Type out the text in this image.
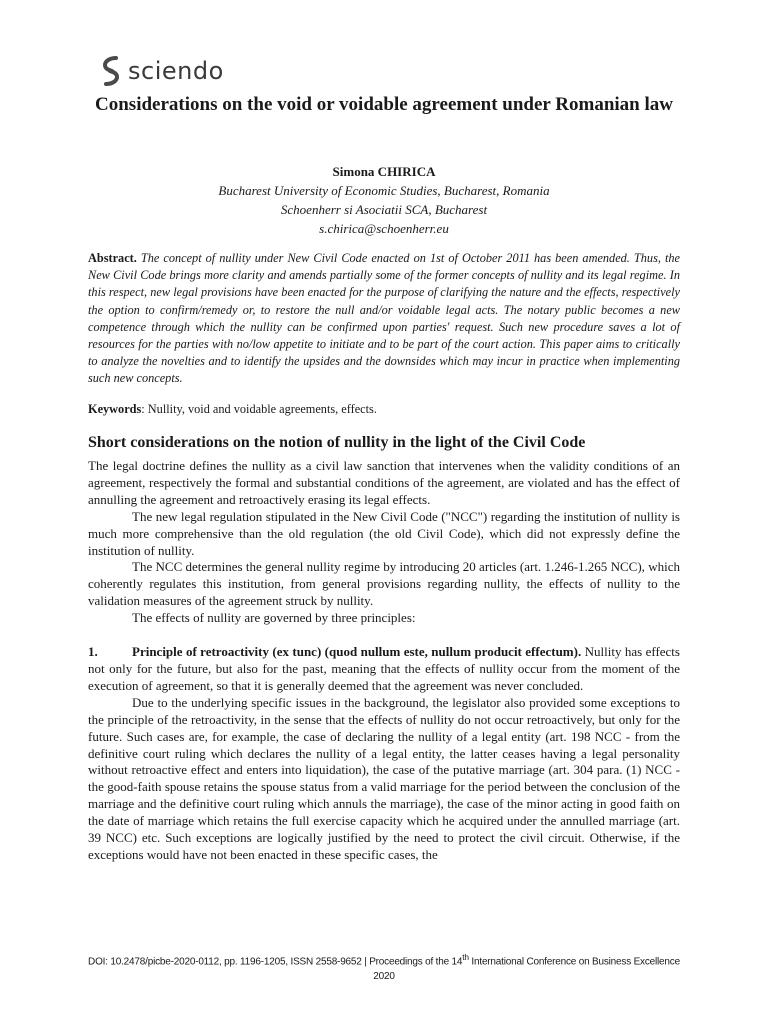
sciendo
Considerations on the void or voidable agreement under Romanian law
Simona CHIRICA
Bucharest University of Economic Studies, Bucharest, Romania
Schoenherr si Asociatii SCA, Bucharest
s.chirica@schoenherr.eu
Abstract. The concept of nullity under New Civil Code enacted on 1st of October 2011 has been amended. Thus, the New Civil Code brings more clarity and amends partially some of the former concepts of nullity and its legal regime. In this respect, new legal provisions have been enacted for the purpose of clarifying the nature and the effects, respectively the option to confirm/remedy or, to restore the null and/or voidable legal acts. The notary public becomes a new competence through which the nullity can be confirmed upon parties' request. Such new procedure saves a lot of resources for the parties with no/low appetite to initiate and to be part of the court action. This paper aims to critically to analyze the novelties and to identify the upsides and the downsides which may incur in practice when implementing such new concepts.
Keywords: Nullity, void and voidable agreements, effects.
Short considerations on the notion of nullity in the light of the Civil Code

The legal doctrine defines the nullity as a civil law sanction that intervenes when the validity conditions of an agreement, respectively the formal and substantial conditions of the agreement, are violated and has the effect of annulling the agreement and retroactively erasing its legal effects.

The new legal regulation stipulated in the New Civil Code ("NCC") regarding the institution of nullity is much more comprehensive than the old regulation (the old Civil Code), which did not expressly define the institution of nullity.

The NCC determines the general nullity regime by introducing 20 articles (art. 1.246-1.265 NCC), which coherently regulates this institution, from general provisions regarding nullity, the effects of nullity to the validation measures of the agreement struck by nullity.

The effects of nullity are governed by three principles:

1.	Principle of retroactivity (ex tunc) (quod nullum este, nullum producit effectum). Nullity has effects not only for the future, but also for the past, meaning that the effects of nullity occur from the moment of the execution of agreement, so that it is generally deemed that the agreement was never concluded.

Due to the underlying specific issues in the background, the legislator also provided some exceptions to the principle of the retroactivity, in the sense that the effects of nullity do not occur retroactively, but only for the future. Such cases are, for example, the case of declaring the nullity of a legal entity (art. 198 NCC - from the definitive court ruling which declares the nullity of a legal entity, the latter ceases having a legal personality without retroactive effect and enters into liquidation), the case of the putative marriage (art. 304 para. (1) NCC - the good-faith spouse retains the spouse status from a valid marriage for the period between the conclusion of the marriage and the definitive court ruling which annuls the marriage), the case of the minor acting in good faith on the date of marriage which retains the full exercise capacity which he acquired under the annulled marriage (art. 39 NCC) etc. Such exceptions are logically justified by the need to protect the civil circuit. Otherwise, if the exceptions would have not been enacted in these specific cases, the

DOI: 10.2478/picbe-2020-0112, pp. 1196-1205, ISSN 2558-9652 | Proceedings of the 14th International Conference on Business Excellence 2020
